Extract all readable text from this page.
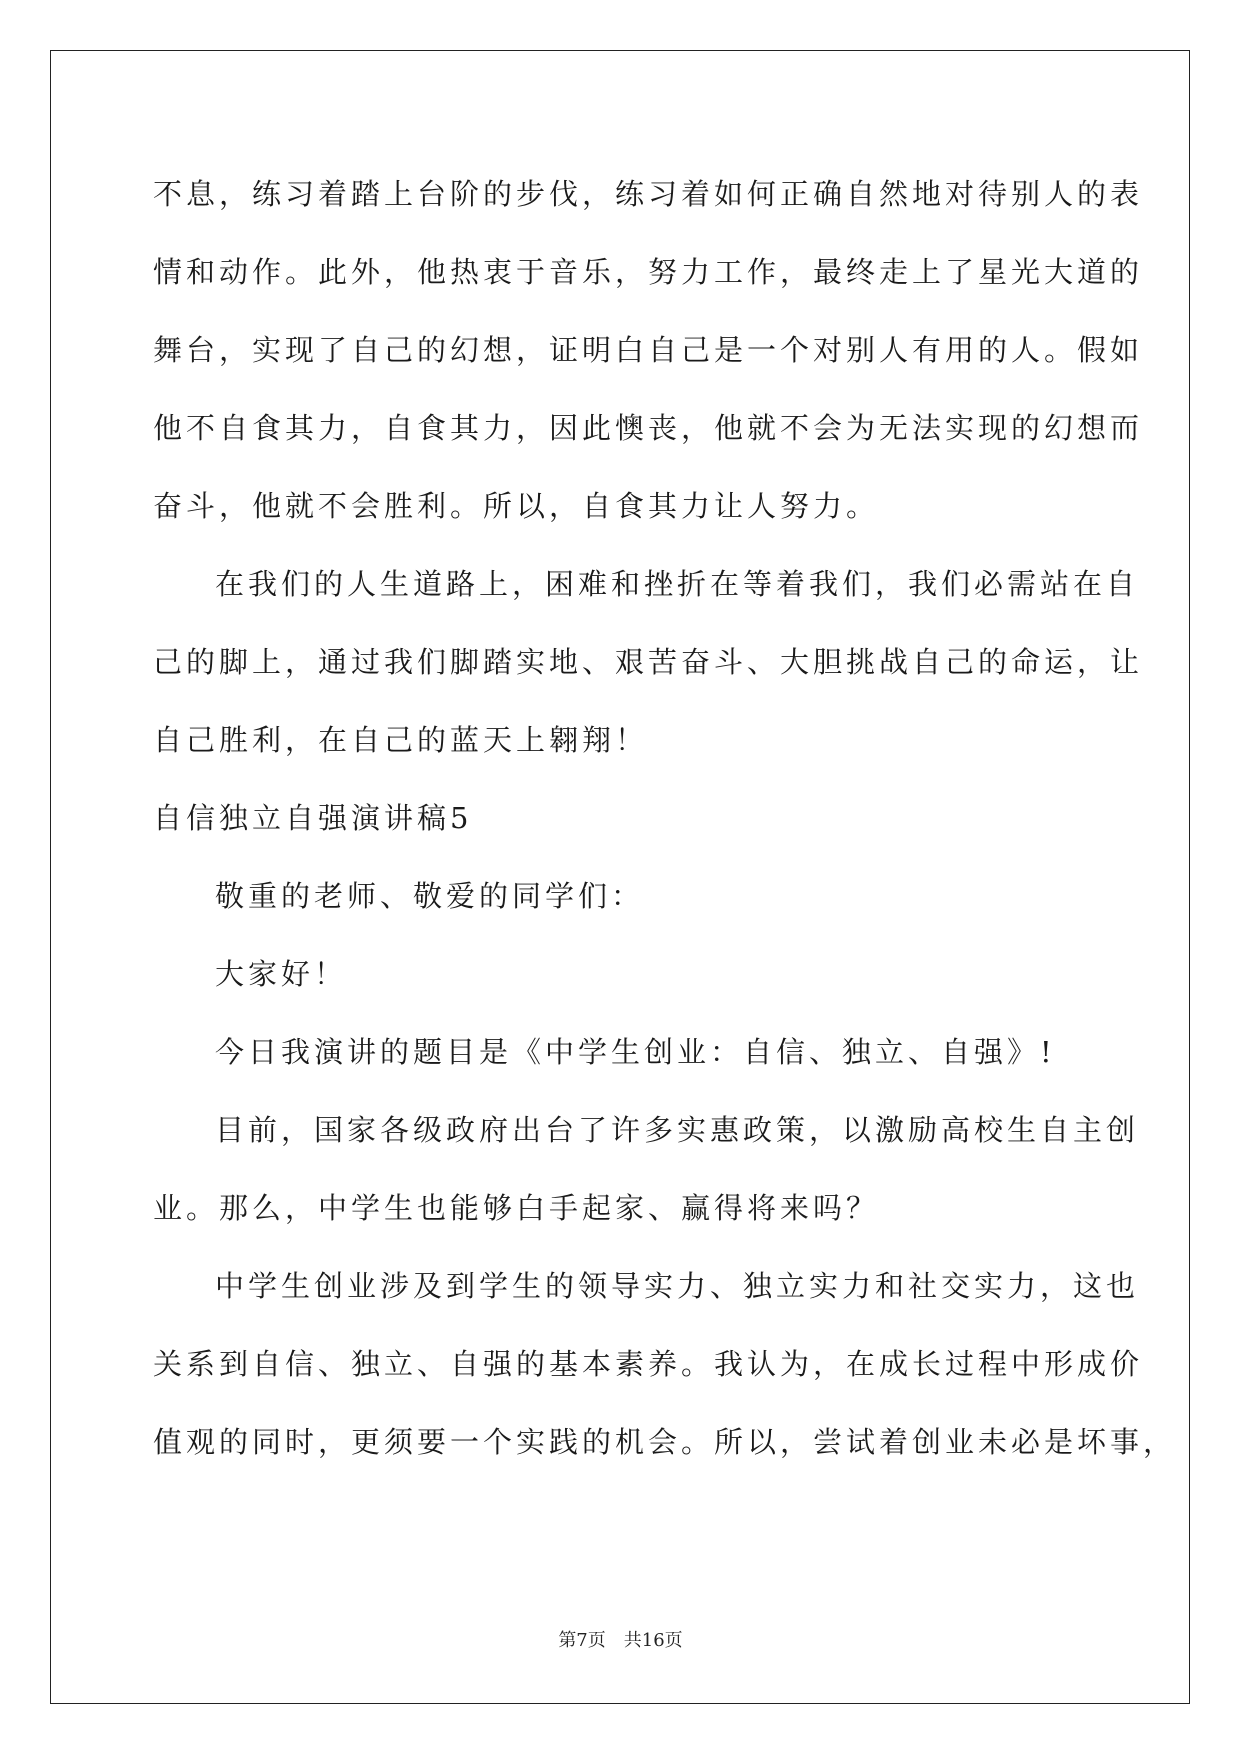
不息，练习着踏上台阶的步伐，练习着如何正确自然地对待别人的表
情和动作。此外，他热衷于音乐，努力工作，最终走上了星光大道的
舞台，实现了自己的幻想，证明白自己是一个对别人有用的人。假如
他不自食其力，自食其力，因此懊丧，他就不会为无法实现的幻想而
奋斗，他就不会胜利。所以，自食其力让人努力。
在我们的人生道路上，困难和挫折在等着我们，我们必需站在自
己的脚上，通过我们脚踏实地、艰苦奋斗、大胆挑战自己的命运，让
自己胜利，在自己的蓝天上翱翔！
自信独立自强演讲稿5
敬重的老师、敬爱的同学们：
大家好！
今日我演讲的题目是《中学生创业：自信、独立、自强》!
目前，国家各级政府出台了许多实惠政策，以激励高校生自主创
业。那么，中学生也能够白手起家、赢得将来吗？
中学生创业涉及到学生的领导实力、独立实力和社交实力，这也
关系到自信、独立、自强的基本素养。我认为，在成长过程中形成价
值观的同时，更须要一个实践的机会。所以，尝试着创业未必是坏事，
第7页 共16页
